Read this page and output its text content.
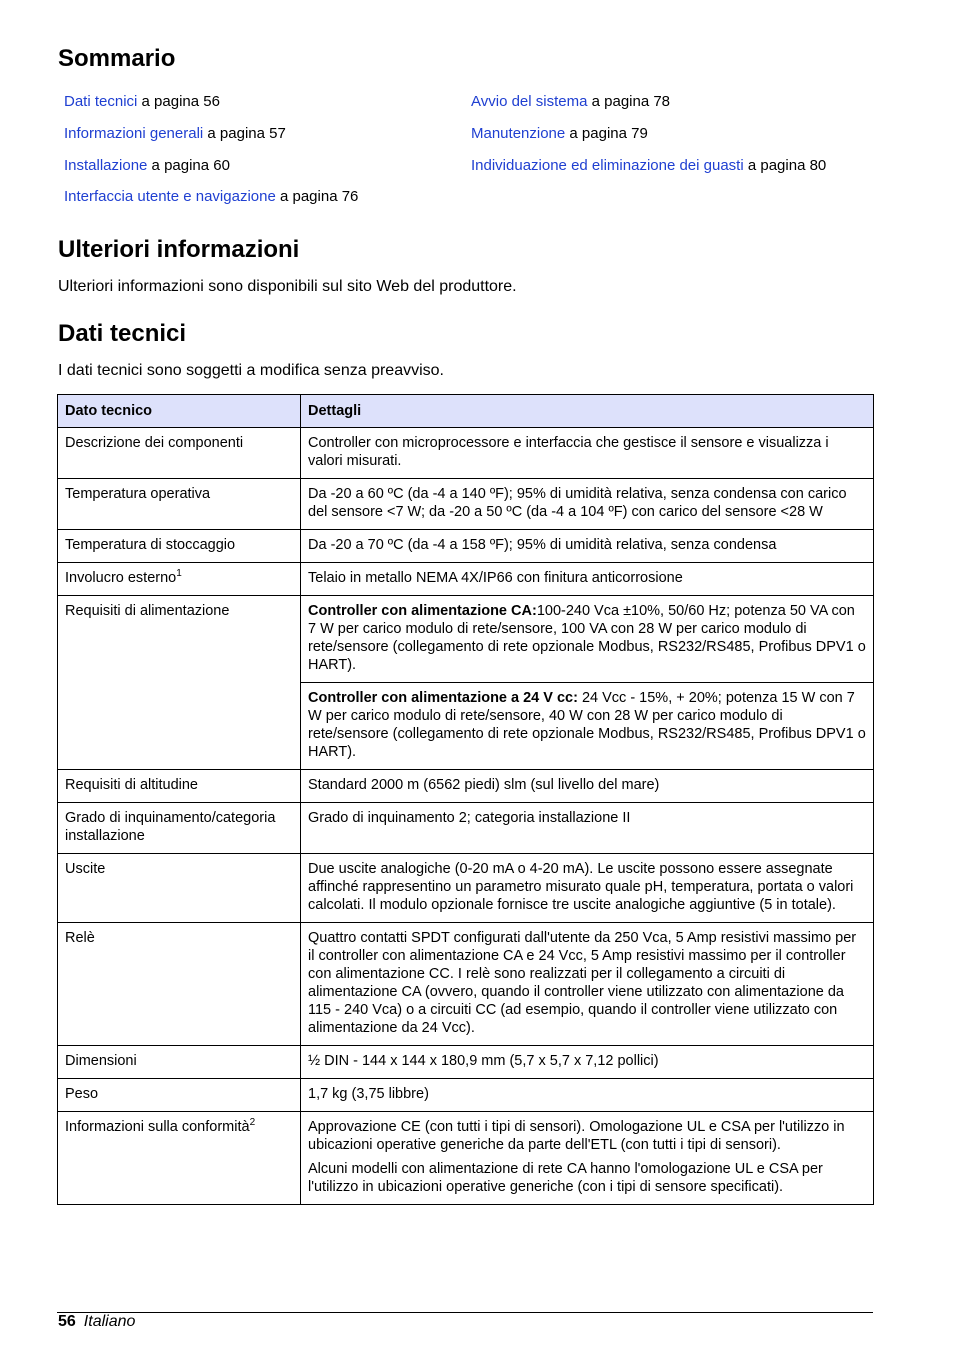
Sommario
Dati tecnici a pagina 56
Informazioni generali a pagina 57
Installazione a pagina 60
Interfaccia utente e navigazione a pagina 76
Avvio del sistema a pagina 78
Manutenzione a pagina 79
Individuazione ed eliminazione dei guasti a pagina 80
Ulteriori informazioni

Ulteriori informazioni sono disponibili sul sito Web del produttore.

Dati tecnici

I dati tecnici sono soggetti a modifica senza preavviso.

Dato tecnico	Dettagli
Descrizione dei componenti	Controller con microprocessore e interfaccia che gestisce il sensore e visualizza i valori misurati.
Temperatura operativa	Da -20 a 60 ºC (da -4 a 140 ºF); 95% di umidità relativa, senza condensa con carico del sensore <7 W; da -20 a 50 ºC (da -4 a 104 ºF) con carico del sensore <28 W
Temperatura di stoccaggio	Da -20 a 70 ºC (da -4 a 158 ºF); 95% di umidità relativa, senza condensa
Involucro esterno$^1$	Telaio in metallo NEMA 4X/IP66 con finitura anticorrosione
Requisiti di alimentazione	Controller con alimentazione CA:100-240 Vca ±10%, 50/60 Hz; potenza 50 VA con 7 W per carico modulo di rete/sensore, 100 VA con 28 W per carico modulo di rete/sensore (collegamento di rete opzionale Modbus, RS232/RS485, Profibus DPV1 o HART).
	Controller con alimentazione a 24 V cc: 24 Vcc - 15%, + 20%; potenza 15 W con 7 W per carico modulo di rete/sensore, 40 W con 28 W per carico modulo di rete/sensore (collegamento di rete opzionale Modbus, RS232/RS485, Profibus DPV1 o HART).
Requisiti di altitudine	Standard 2000 m (6562 piedi) slm (sul livello del mare)
Grado di inquinamento/categoria installazione	Grado di inquinamento 2; categoria installazione II
Uscite	Due uscite analogiche (0-20 mA o 4-20 mA). Le uscite possono essere assegnate affinché rappresentino un parametro misurato quale pH, temperatura, portata o valori calcolati. Il modulo opzionale fornisce tre uscite analogiche aggiuntive (5 in totale).
Relè	Quattro contatti SPDT configurati dall'utente da 250 Vca, 5 Amp resistivi massimo per il controller con alimentazione CA e 24 Vcc, 5 Amp resistivi massimo per il controller con alimentazione CC. I relè sono realizzati per il collegamento a circuiti di alimentazione CA (ovvero, quando il controller viene utilizzato con alimentazione da 115 - 240 Vca) o a circuiti CC (ad esempio, quando il controller viene utilizzato con alimentazione da 24 Vcc).
Dimensioni	½ DIN - 144 x 144 x 180,9 mm (5,7 x 5,7 x 7,12 pollici)
Peso	1,7 kg (3,75 libbre)
Informazioni sulla conformità$^2$	Approvazione CE (con tutti i tipi di sensori). Omologazione UL e CSA per l'utilizzo in ubicazioni operative generiche da parte dell'ETL (con tutti i tipi di sensori).
Alcuni modelli con alimentazione di rete CA hanno l'omologazione UL e CSA per l'utilizzo in ubicazioni operative generiche (con i tipi di sensore specificati).
56 Italiano
